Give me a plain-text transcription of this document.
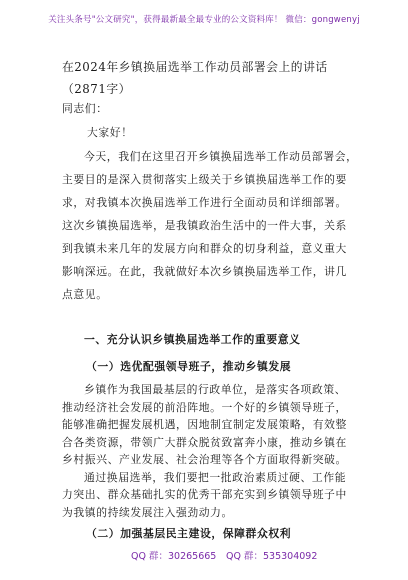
关注头条号"公文研究"，获得最新最全最专业的公文资料库！ 微信：gongwenyj
在2024年乡镇换届选举工作动员部署会上的讲话（2871字）
同志们：
大家好！
今天，我们在这里召开乡镇换届选举工作动员部署会，
主要目的是深入贯彻落实上级关于乡镇换届选举工作的要
求，对我镇本次换届选举工作进行全面动员和详细部署。
这次乡镇换届选举，是我镇政治生活中的一件大事，关系
到我镇未来几年的发展方向和群众的切身利益，意义重大
影响深远。在此，我就做好本次乡镇换届选举工作，讲几
点意见。
一、充分认识乡镇换届选举工作的重要意义
（一）选优配强领导班子，推动乡镇发展
乡镇作为我国最基层的行政单位，是落实各项政策、
推动经济社会发展的前沿阵地。一个好的乡镇领导班子，
能够准确把握发展机遇，因地制宜制定发展策略，有效整
合各类资源，带领广大群众脱贫致富奔小康，推动乡镇在
乡村振兴、产业发展、社会治理等各个方面取得新突破。
（二）加强基层民主建设，保障群众权利
QQ 群：30265665 QQ 群：535304092
通过换届选举，我们要把一批政治素质过硬、工作能
力突出、群众基础扎实的优秀干部充实到乡镇领导班子中
为我镇的持续发展注入强劲动力。
